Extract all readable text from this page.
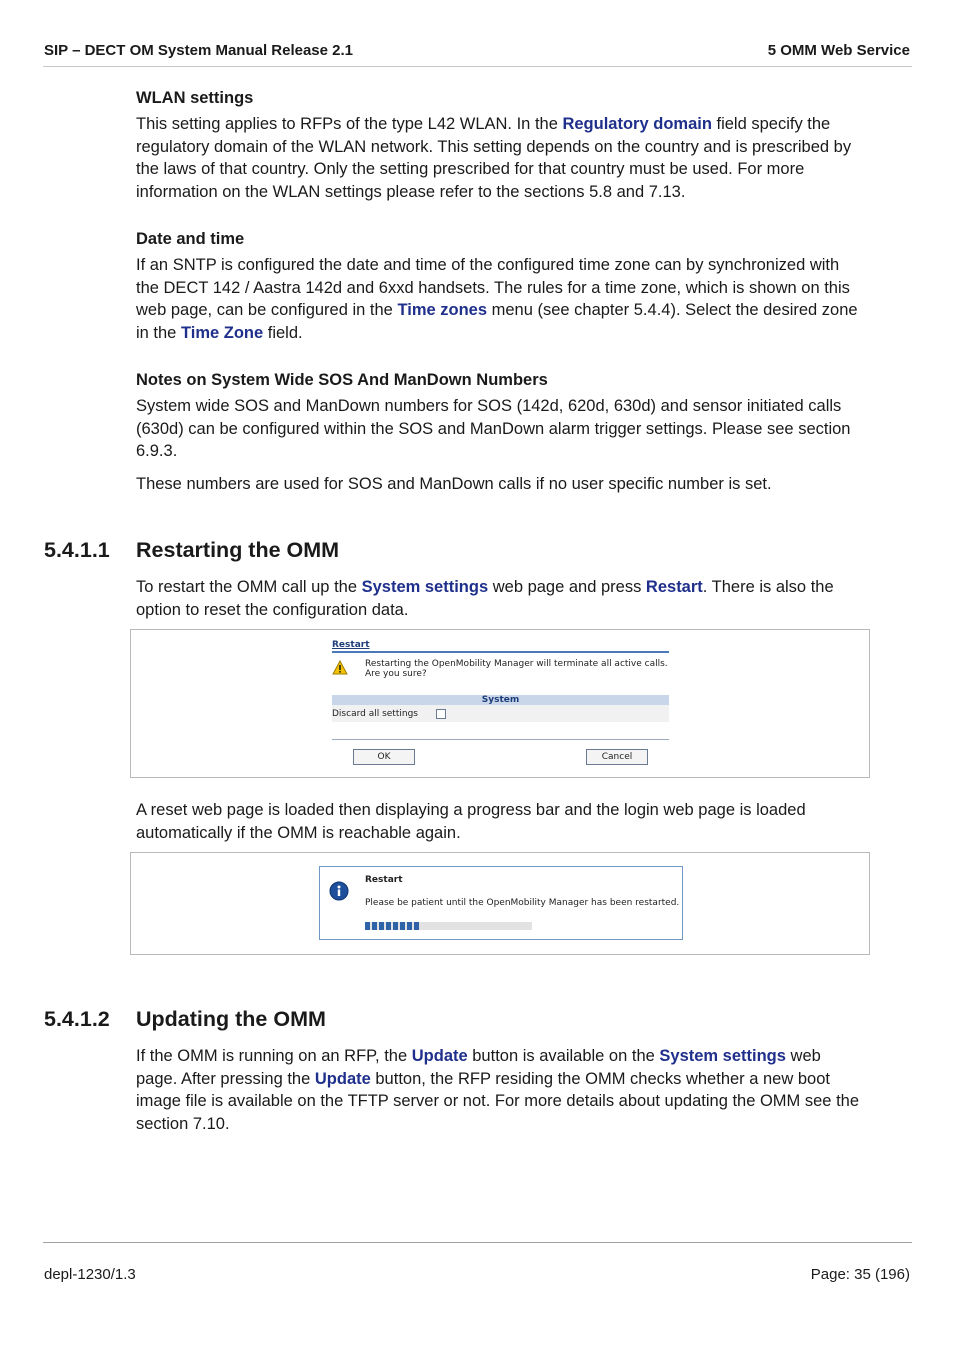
SIP – DECT OM System Manual Release 2.1	5 OMM Web Service

WLAN settings

This setting applies to RFPs of the type L42 WLAN. In the Regulatory domain field specify the regulatory domain of the WLAN network. This setting depends on the country and is prescribed by the laws of that country. Only the setting prescribed for that country must be used. For more information on the WLAN settings please refer to the sections 5.8 and 7.13.

Date and time

If an SNTP is configured the date and time of the configured time zone can by synchronized with the DECT 142 / Aastra 142d and 6xxd handsets. The rules for a time zone, which is shown on this web page, can be configured in the Time zones menu (see chapter 5.4.4). Select the desired zone in the Time Zone field.

Notes on System Wide SOS And ManDown Numbers

System wide SOS and ManDown numbers for SOS (142d, 620d, 630d) and sensor initiated calls (630d) can be configured within the SOS and ManDown alarm trigger settings. Please see section 6.9.3.

These numbers are used for SOS and ManDown calls if no user specific number is set.

5.4.1.1 Restarting the OMM

To restart the OMM call up the System settings web page and press Restart. There is also the option to reset the configuration data.

Restart
Restarting the OpenMobility Manager will terminate all active calls.
Are you sure?
System
Discard all settings
OK	Cancel

A reset web page is loaded then displaying a progress bar and the login web page is loaded automatically if the OMM is reachable again.

Restart
Please be patient until the OpenMobility Manager has been restarted.
5.4.1.2 Updating the OMM

If the OMM is running on an RFP, the Update button is available on the System settings web page. After pressing the Update button, the RFP residing the OMM checks whether a new boot image file is available on the TFTP server or not. For more details about updating the OMM see the section 7.10.

depl-1230/1.3	Page: 35 (196)
